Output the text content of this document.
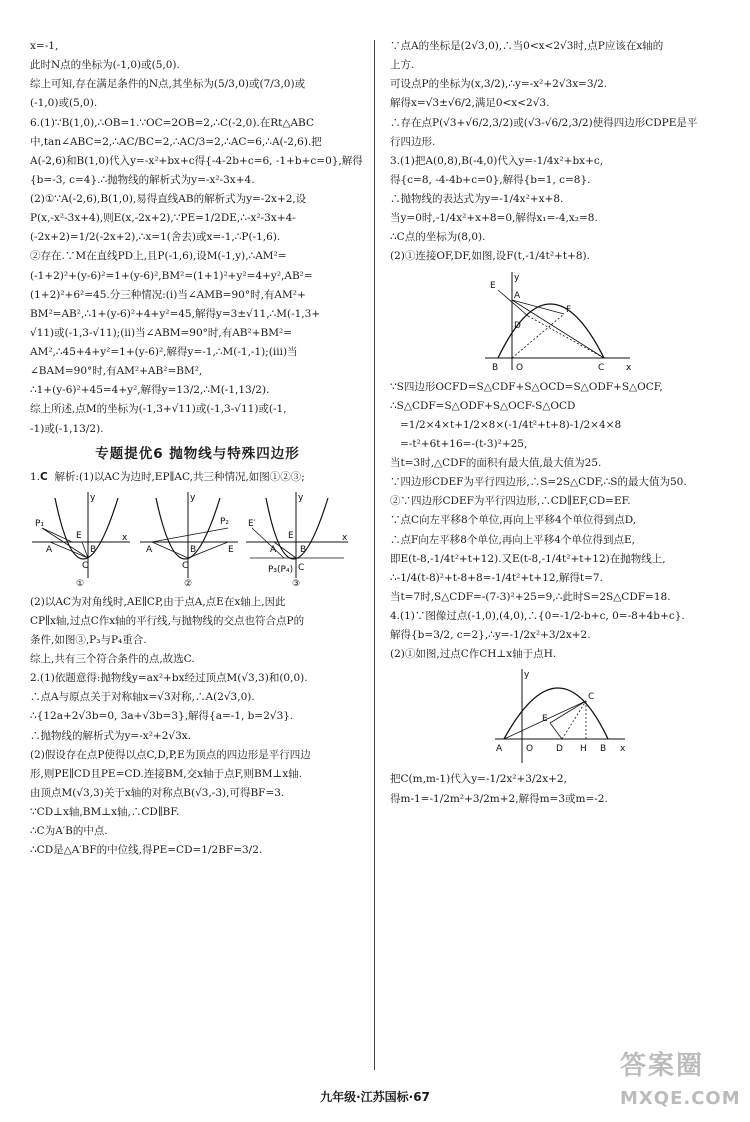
x=-1,

此时N点的坐标为(-1,0)或(5,0).

综上可知,存在满足条件的N点,其坐标为(5/3,0)或(7/3,0)或

(-1,0)或(5,0).

6.(1)∵B(1,0),∴OB=1.∵OC=2OB=2,∴C(-2,0).在Rt△ABC

中,tan∠ABC=2,∴AC/BC=2,∴AC/3=2,∴AC=6,∴A(-2,6).把

A(-2,6)和B(1,0)代入y=-x²+bx+c得{-4-2b+c=6, -1+b+c=0},解得

{b=-3, c=4}.∴抛物线的解析式为y=-x²-3x+4.

(2)①∵A(-2,6),B(1,0),易得直线AB的解析式为y=-2x+2,设

P(x,-x²-3x+4),则E(x,-2x+2),∵PE=1/2DE,∴-x²-3x+4-

(-2x+2)=1/2(-2x+2),∴x=1(舍去)或x=-1,∴P(-1,6).

②存在.∵M在直线PD上,且P(-1,6),设M(-1,y),∴AM²=

(-1+2)²+(y-6)²=1+(y-6)²,BM²=(1+1)²+y²=4+y²,AB²=

(1+2)²+6²=45.分三种情况:(i)当∠AMB=90°时,有AM²+

BM²=AB²,∴1+(y-6)²+4+y²=45,解得y=3±√11,∴M(-1,3+

√11)或(-1,3-√11);(ii)当∠ABM=90°时,有AB²+BM²=

AM²,∴45+4+y²=1+(y-6)²,解得y=-1,∴M(-1,-1);(iii)当

∠BAM=90°时,有AM²+AB²=BM²,

∴1+(y-6)²+45=4+y²,解得y=13/2,∴M(-1,13/2).

综上所述,点M的坐标为(-1,3+√11)或(-1,3-√11)或(-1,

-1)或(-1,13/2).

专题提优6 抛物线与特殊四边形

1.C 解析:(1)以AC为边时,EP∥AC,共三种情况,如图①②③;

P₁
A
E
B
C
y
x
①
A	B
C
P₂
E
y
②
E′
A
E
B
C
P₃(P₄)
y
x
③

(2)以AC为对角线时,AE∥CP,由于点A,点E在x轴上,因此

CP∥x轴,过点C作x轴的平行线,与抛物线的交点也符合点P的

条件,如图③,P₃与P₄重合.

综上,共有三个符合条件的点,故选C.

2.(1)依题意得:抛物线y=ax²+bx经过顶点M(√3,3)和(0,0).

∴点A与原点关于对称轴x=√3对称,∴A(2√3,0).

∴{12a+2√3b=0, 3a+√3b=3},解得{a=-1, b=2√3}.

∴抛物线的解析式为y=-x²+2√3x.

(2)假设存在点P使得以点C,D,P,E为顶点的四边形是平行四边

形,则PE∥CD且PE=CD.连接BM,交x轴于点F,则BM⊥x轴.

由顶点M(√3,3)关于x轴的对称点B(√3,-3),可得BF=3.

∵CD⊥x轴,BM⊥x轴,∴CD∥BF.

∴C为A′B的中点.

∴CD是△A′BF的中位线,得PE=CD=1/2BF=3/2.

∵点A的坐标是(2√3,0),∴当0<x<2√3时,点P应该在x轴的

上方.

可设点P的坐标为(x,3/2),∴y=-x²+2√3x=3/2.

解得x=√3±√6/2,满足0<x<2√3.

∴存在点P(√3+√6/2,3/2)或(√3-√6/2,3/2)使得四边形CDPE是平

行四边形.

3.(1)把A(0,8),B(-4,0)代入y=-1/4x²+bx+c,

得{c=8, -4-4b+c=0},解得{b=1, c=8}.

∴抛物线的表达式为y=-1/4x²+x+8.

当y=0时,-1/4x²+x+8=0,解得x₁=-4,x₂=8.

∴C点的坐标为(8,0).

(2)①连接OF,DF,如图,设F(t,-1/4t²+t+8).

E
A
D
F
B O	C
y
x

∵S四边形OCFD=S△CDF+S△OCD=S△ODF+S△OCF,

∴S△CDF=S△ODF+S△OCF-S△OCD

=1/2×4×t+1/2×8×(-1/4t²+t+8)-1/2×4×8

=-t²+6t+16=-(t-3)²+25,

当t=3时,△CDF的面积有最大值,最大值为25.

∵四边形CDEF为平行四边形,∴S=2S△CDF,∴S的最大值为50.

②∵四边形CDEF为平行四边形,∴CD∥EF,CD=EF.

∵点C向左平移8个单位,再向上平移4个单位得到点D,

∴点F向左平移8个单位,再向上平移4个单位得到点E,

即E(t-8,-1/4t²+t+12).又E(t-8,-1/4t²+t+12)在抛物线上,

∴-1/4(t-8)²+t-8+8=-1/4t²+t+12,解得t=7.

当t=7时,S△CDF=-(7-3)²+25=9,∴此时S=2S△CDF=18.

4.(1)∵图像过点(-1,0),(4,0),∴{0=-1/2-b+c, 0=-8+4b+c}.

解得{b=3/2, c=2},∴y=-1/2x²+3/2x+2.

(2)①如图,过点C作CH⊥x轴于点H.

A	O	D H B
C
E
y
x

把C(m,m-1)代入y=-1/2x²+3/2x+2,

得m-1=-1/2m²+3/2m+2,解得m=3或m=-2.

九年级·江苏国标·67
答案圈
MXQE.COM
